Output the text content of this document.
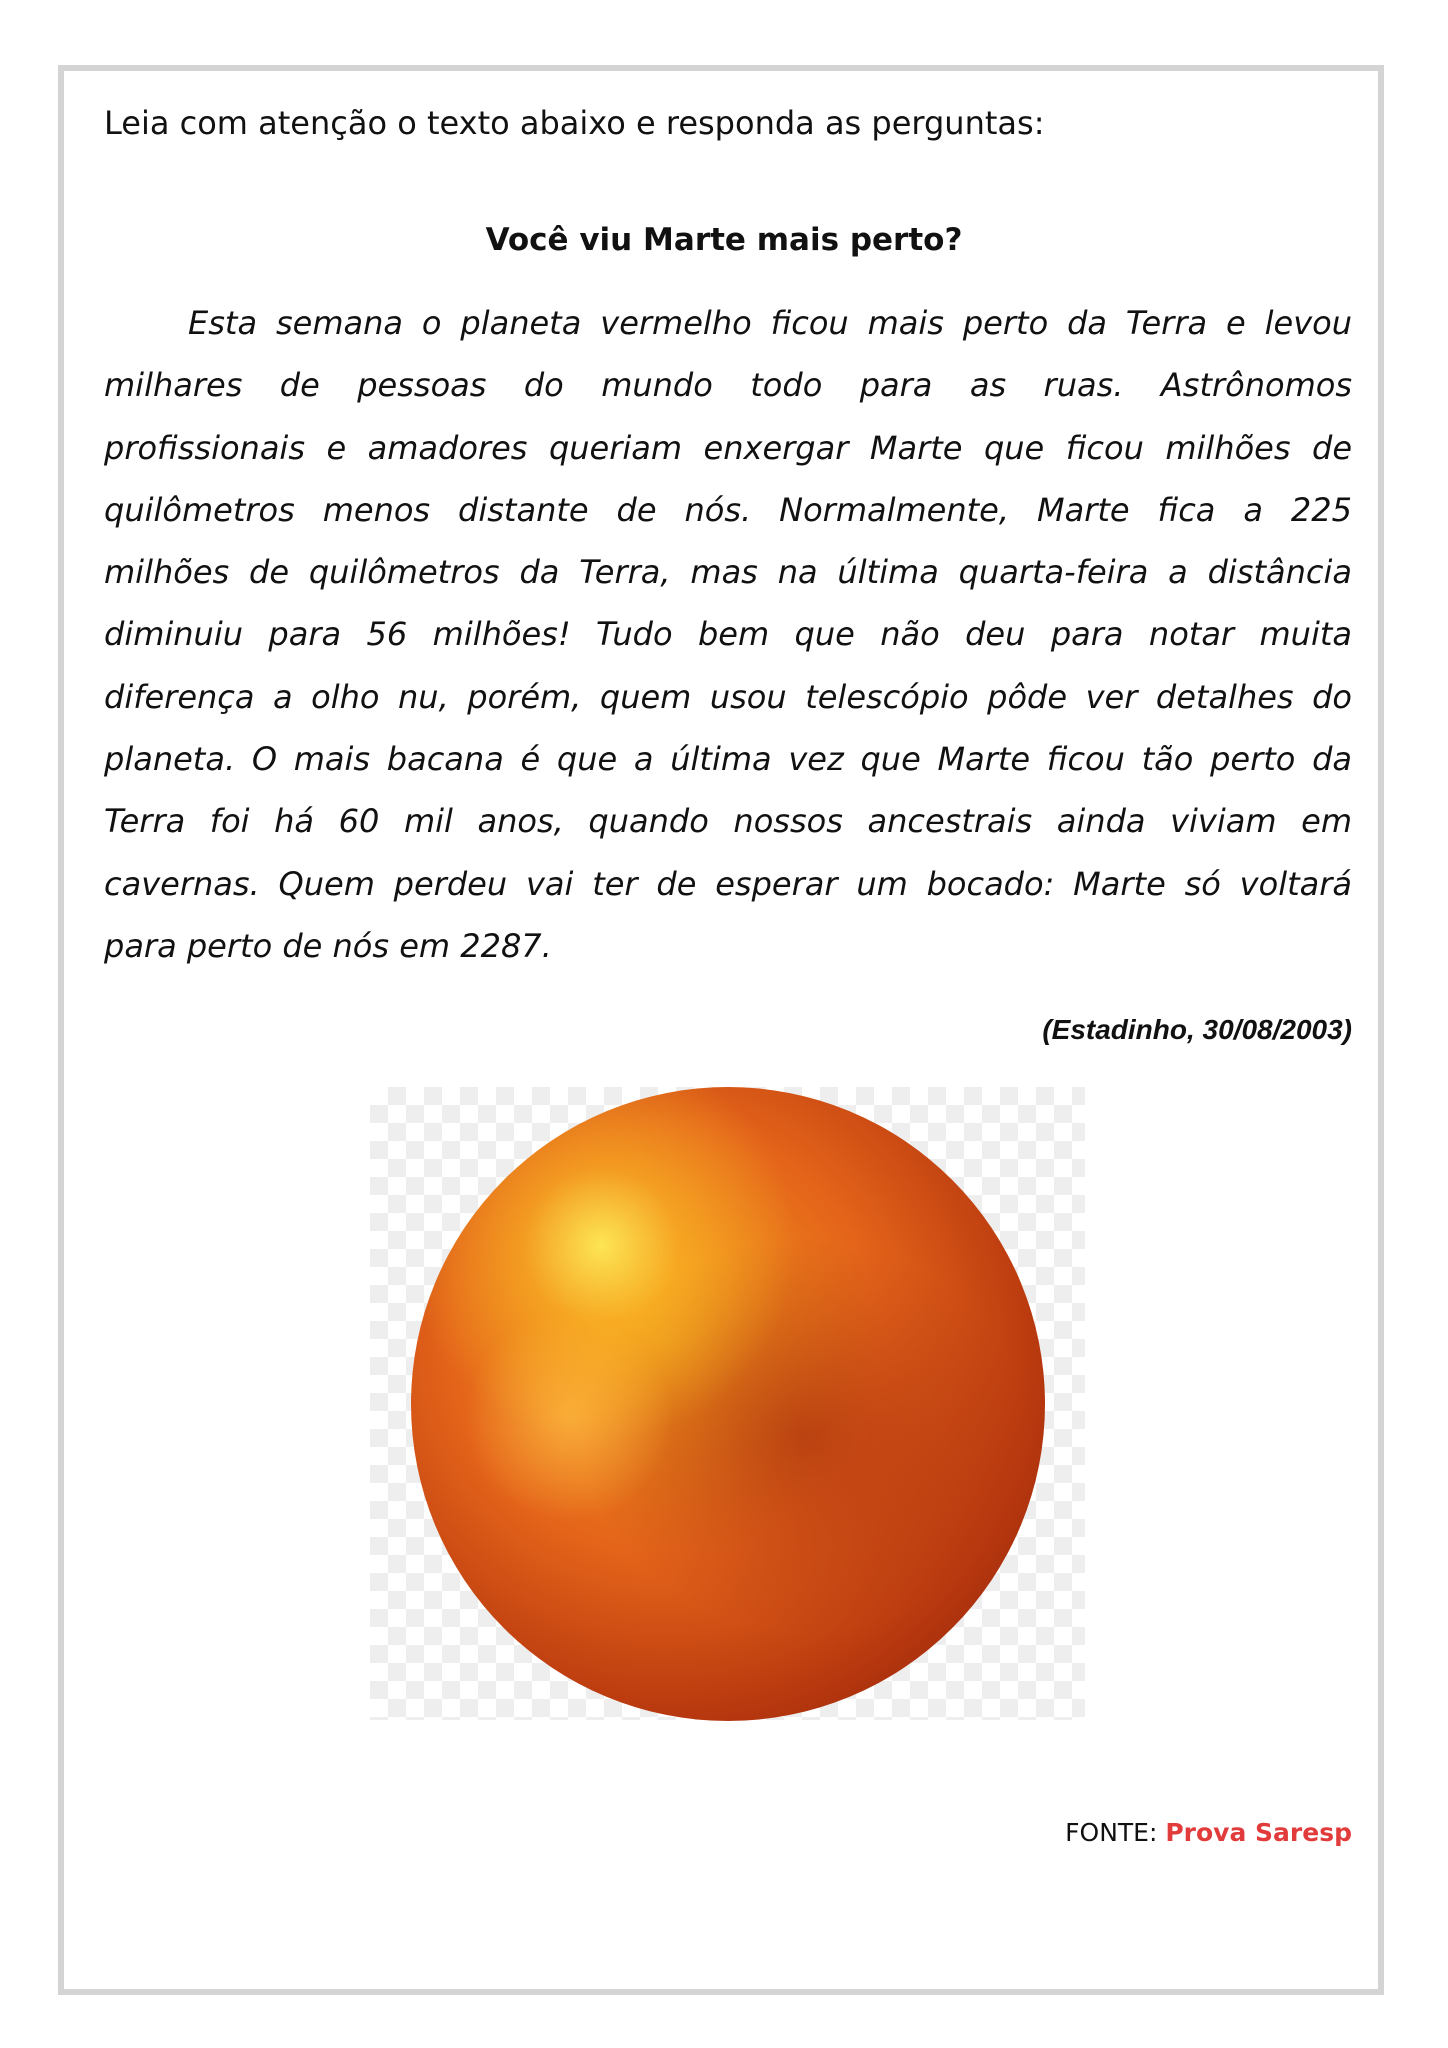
Leia com atenção o texto abaixo e responda as perguntas:
Você viu Marte mais perto?
Esta semana o planeta vermelho ficou mais perto da Terra e levou
milhares de pessoas do mundo todo para as ruas. Astrônomos
profissionais e amadores queriam enxergar Marte que ficou milhões de
quilômetros menos distante de nós. Normalmente, Marte fica a 225
milhões de quilômetros da Terra, mas na última quarta-feira a distância
diminuiu para 56 milhões! Tudo bem que não deu para notar muita
diferença a olho nu, porém, quem usou telescópio pôde ver detalhes do
planeta. O mais bacana é que a última vez que Marte ficou tão perto da
Terra foi há 60 mil anos, quando nossos ancestrais ainda viviam em
cavernas. Quem perdeu vai ter de esperar um bocado: Marte só voltará
para perto de nós em 2287.
(Estadinho, 30/08/2003)
FONTE: Prova Saresp
